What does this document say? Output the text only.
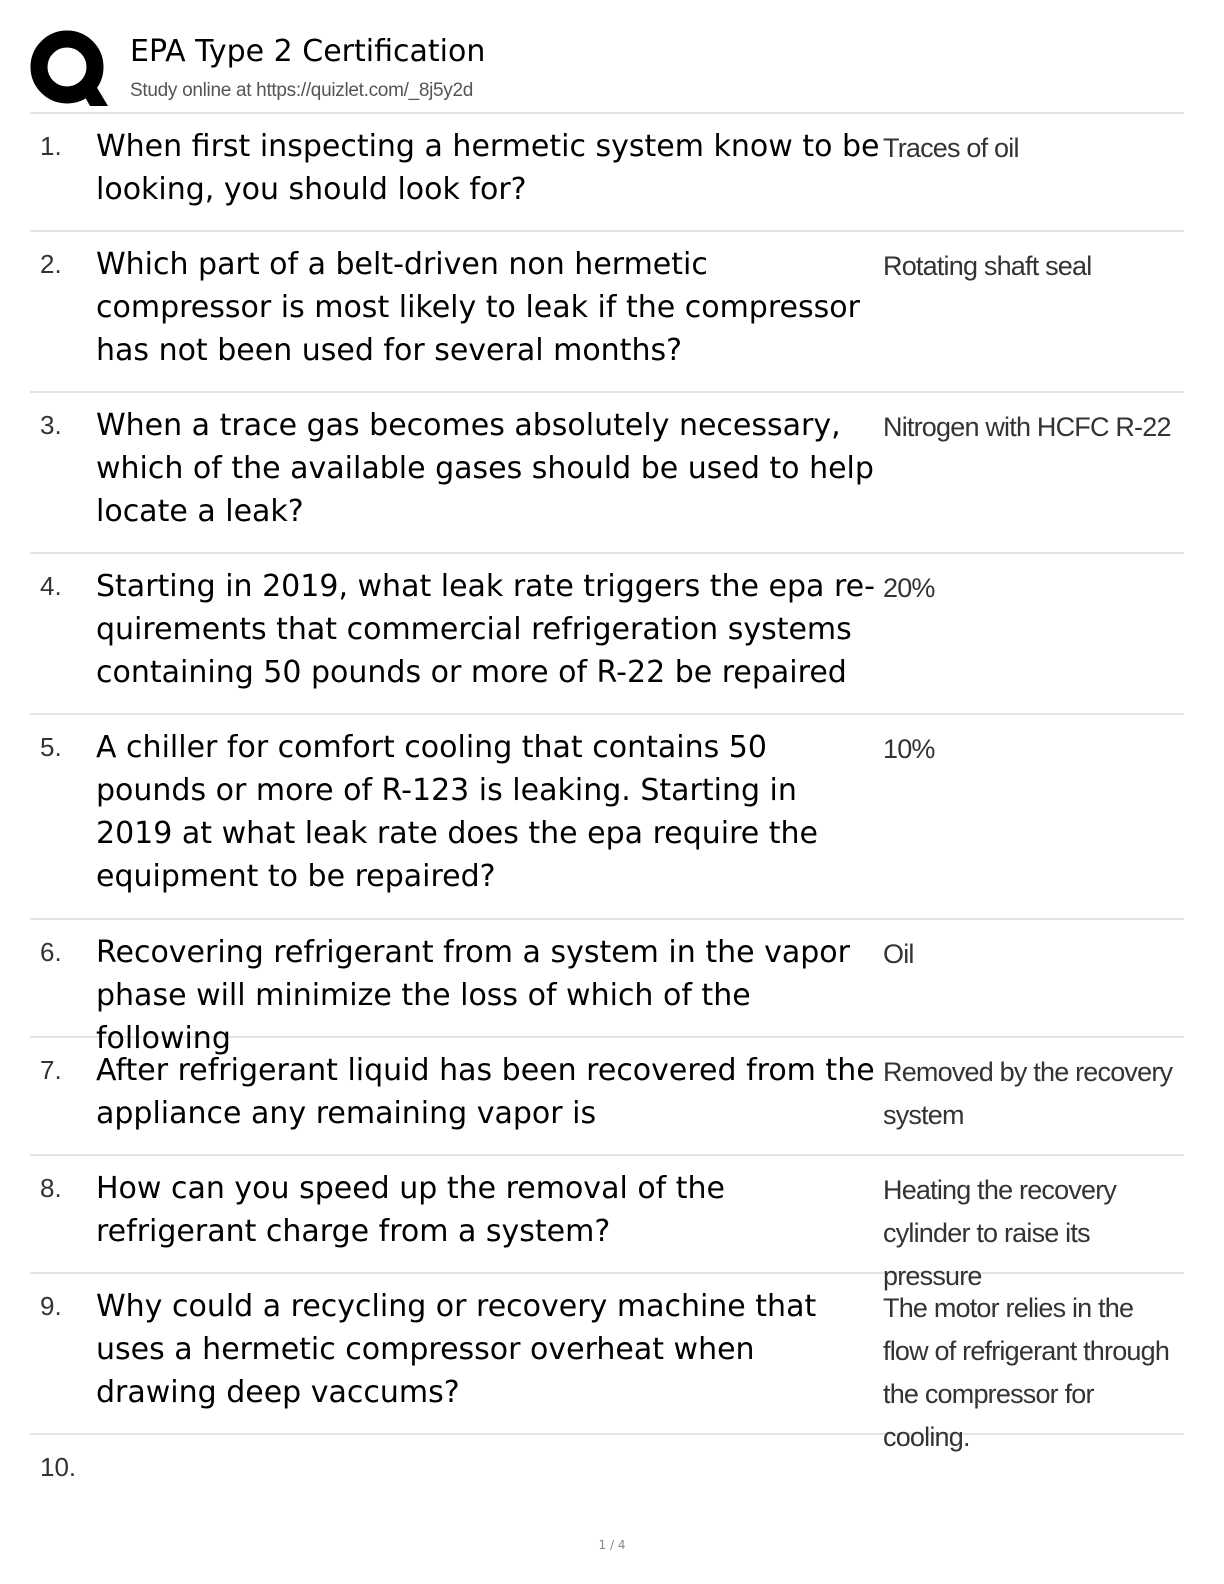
EPA Type 2 Certification
Study online at https://quizlet.com/_8j5y2d
1. When first inspecting a hermetic system know to be looking, you should look for?
Traces of oil
2. Which part of a belt-driven non hermetic compressor is most likely to leak if the compressor has not been used for several months?
Rotating shaft seal
3. When a trace gas becomes absolutely necessary, which of the available gases should be used to help locate a leak?
Nitrogen with HCFC R-22
4. Starting in 2019, what leak rate triggers the epa re-quirements that commercial refrigeration systems containing 50 pounds or more of R-22 be repaired
20%
5. A chiller for comfort cooling that contains 50 pounds or more of R-123 is leaking. Starting in 2019 at what leak rate does the epa require the equipment to be repaired?
10%
6. Recovering refrigerant from a system in the vapor phase will minimize the loss of which of the following
Oil
7. After refrigerant liquid has been recovered from the appliance any remaining vapor is
Removed by the recovery system
8. How can you speed up the removal of the refrigerant charge from a system?
Heating the recovery cylinder to raise its pressure
9. Why could a recycling or recovery machine that uses a hermetic compressor overheat when drawing deep vaccums?
The motor relies in the flow of refrigerant through the compressor for cooling.
10.
1 / 4
